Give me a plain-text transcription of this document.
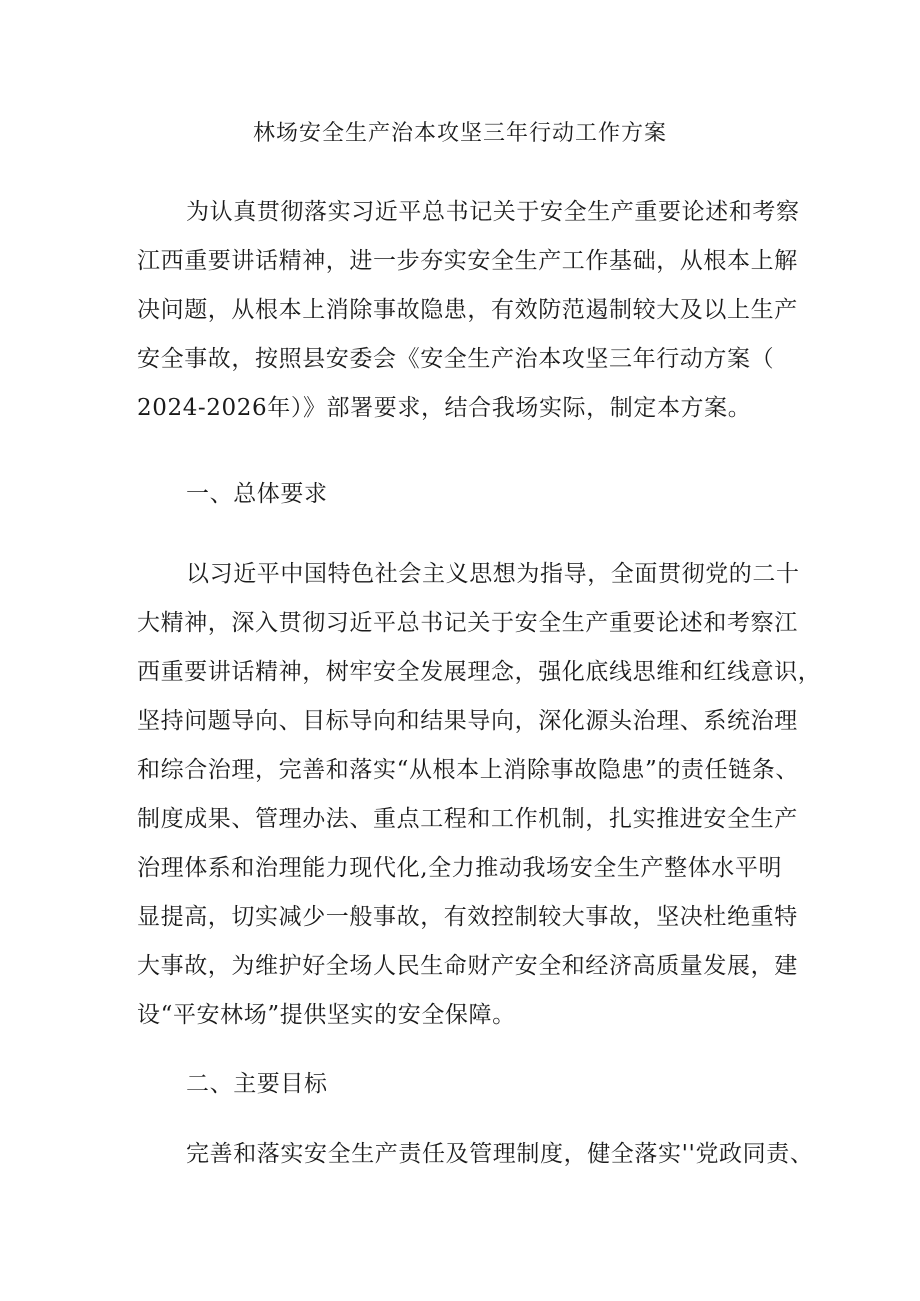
林场安全生产治本攻坚三年行动工作方案
为认真贯彻落实习近平总书记关于安全生产重要论述和考察
江西重要讲话精神，进一步夯实安全生产工作基础，从根本上解
决问题，从根本上消除事故隐患，有效防范遏制较大及以上生产
安全事故，按照县安委会《安全生产治本攻坚三年行动方案（
2024-2026年）》部署要求，结合我场实际，制定本方案。
一、总体要求
以习近平中国特色社会主义思想为指导，全面贯彻党的二十
大精神，深入贯彻习近平总书记关于安全生产重要论述和考察江
西重要讲话精神，树牢安全发展理念，强化底线思维和红线意识，
坚持问题导向、目标导向和结果导向，深化源头治理、系统治理
和综合治理，完善和落实“从根本上消除事故隐患”的责任链条、
制度成果、管理办法、重点工程和工作机制，扎实推进安全生产
治理体系和治理能力现代化,全力推动我场安全生产整体水平明
显提高，切实减少一般事故，有效控制较大事故，坚决杜绝重特
大事故，为维护好全场人民生命财产安全和经济高质量发展，建
设“平安林场”提供坚实的安全保障。
二、主要目标
完善和落实安全生产责任及管理制度，健全落实''党政同责、
